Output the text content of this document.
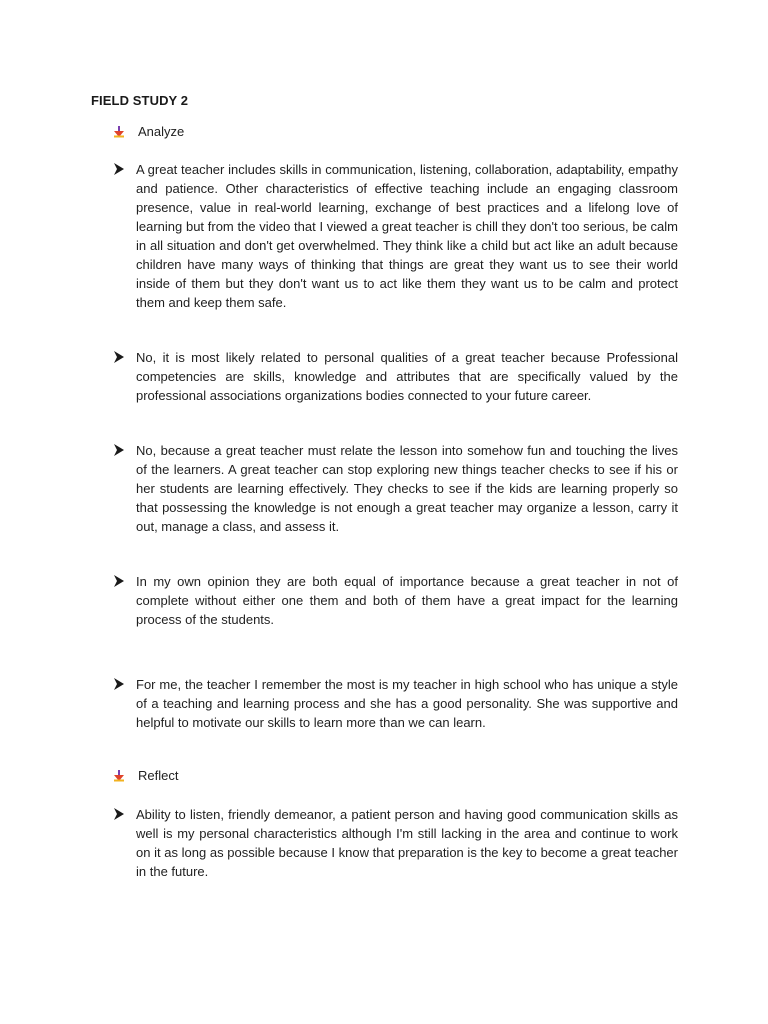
FIELD STUDY 2
Analyze
A great teacher includes skills in communication, listening, collaboration, adaptability, empathy and patience. Other characteristics of effective teaching include an engaging classroom presence, value in real-world learning, exchange of best practices and a lifelong love of learning but from the video that I viewed a great teacher is chill they don't too serious, be calm in all situation and don't get overwhelmed. They think like a child but act like an adult because children have many ways of thinking that things are great they want us to see their world inside of them but they don't want us to act like them they want us to be calm and protect them and keep them safe.
No, it is most likely related to personal qualities of a great teacher because Professional competencies are skills, knowledge and attributes that are specifically valued by the professional associations organizations bodies connected to your future career.
No, because a great teacher must relate the lesson into somehow fun and touching the lives of the learners. A great teacher can stop exploring new things teacher checks to see if his or her students are learning effectively. They checks to see if the kids are learning properly so that possessing the knowledge is not enough a great teacher may organize a lesson, carry it out, manage a class, and assess it.
In my own opinion they are both equal of importance because a great teacher in not of complete without either one them and both of them have a great impact for the learning process of the students.
For me, the teacher I remember the most is my teacher in high school who has unique a style of a teaching and learning process and she has a good personality. She was supportive and helpful to motivate our skills to learn more than we can learn.
Reflect
Ability to listen, friendly demeanor, a patient person and having good communication skills as well is my personal characteristics although I'm still lacking in the area and continue to work on it as long as possible because I know that preparation is the key to become a great teacher in the future.
